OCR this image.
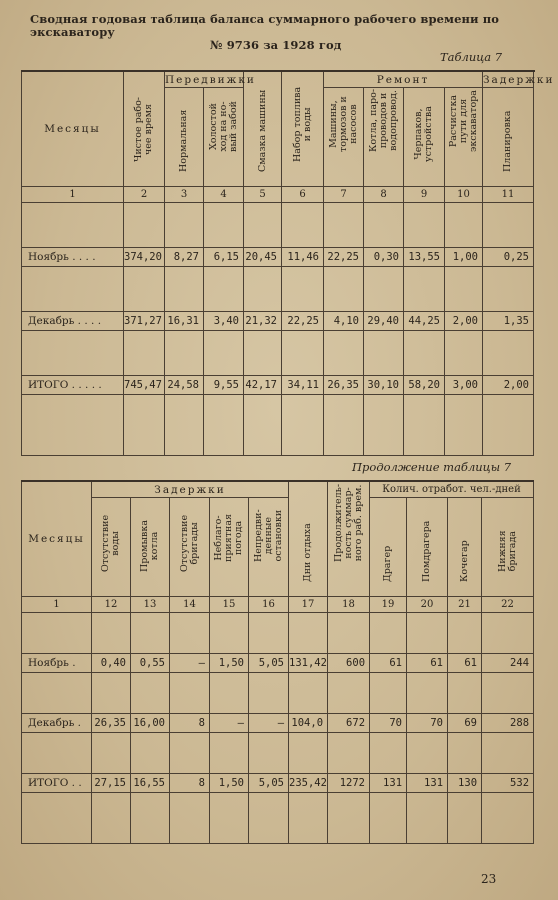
Сводная годовая таблица баланса суммарного рабочего времени по экскаватору
№ 9736 за 1928 год
Таблица 7
Месяцы	Чистое рабо- чее время	Передвижки		Смазка машины	Набор топлива и воды	Ремонт				Задержки	

		Нормальная	Холостой ход на но- вый забой			Машины, тормозов и насосов	Котла, паро- проводов и водопровод.	Черпаков, устройства	Расчистка пути для экскаватора	Планировка	

1	2	3	4	5	6	7	8	9	10	11	

Ноябрь . . . .	374,20	8,27	6,15	20,45	11,46	22,25	0,30	13,55	1,00	0,25	

Декабрь . . . .	371,27	16,31	3,40	21,32	22,25	4,10	29,40	44,25	2,00	1,35	

ИТОГО . . . . .	745,47	24,58	9,55	42,17	34,11	26,35	30,10	58,20	3,00	2,00	

Продолжение таблицы 7
Месяцы	Задержки					Дни отдыха	Продолжитель- ность суммар- ного раб. врем.	Колич. отработ. чел.-дней			

	Отсутствие воды	Промывка котла	Отсутствие бригады	Неблаго- приятная погода	Непредви- денные остановки			Драгер	Помдрагера	Кочегар	Нижняя бригада

1	12	13	14	15	16	17	18	19	20	21	22

Ноябрь .	0,40	0,55	—	1,50	5,05	131,42	600	61	61	61	244

Декабрь .	26,35	16,00	8	—	—	104,0	672	70	70	69	288

ИТОГО . .	27,15	16,55	8	1,50	5,05	235,42	1272	131	131	130	532

23
